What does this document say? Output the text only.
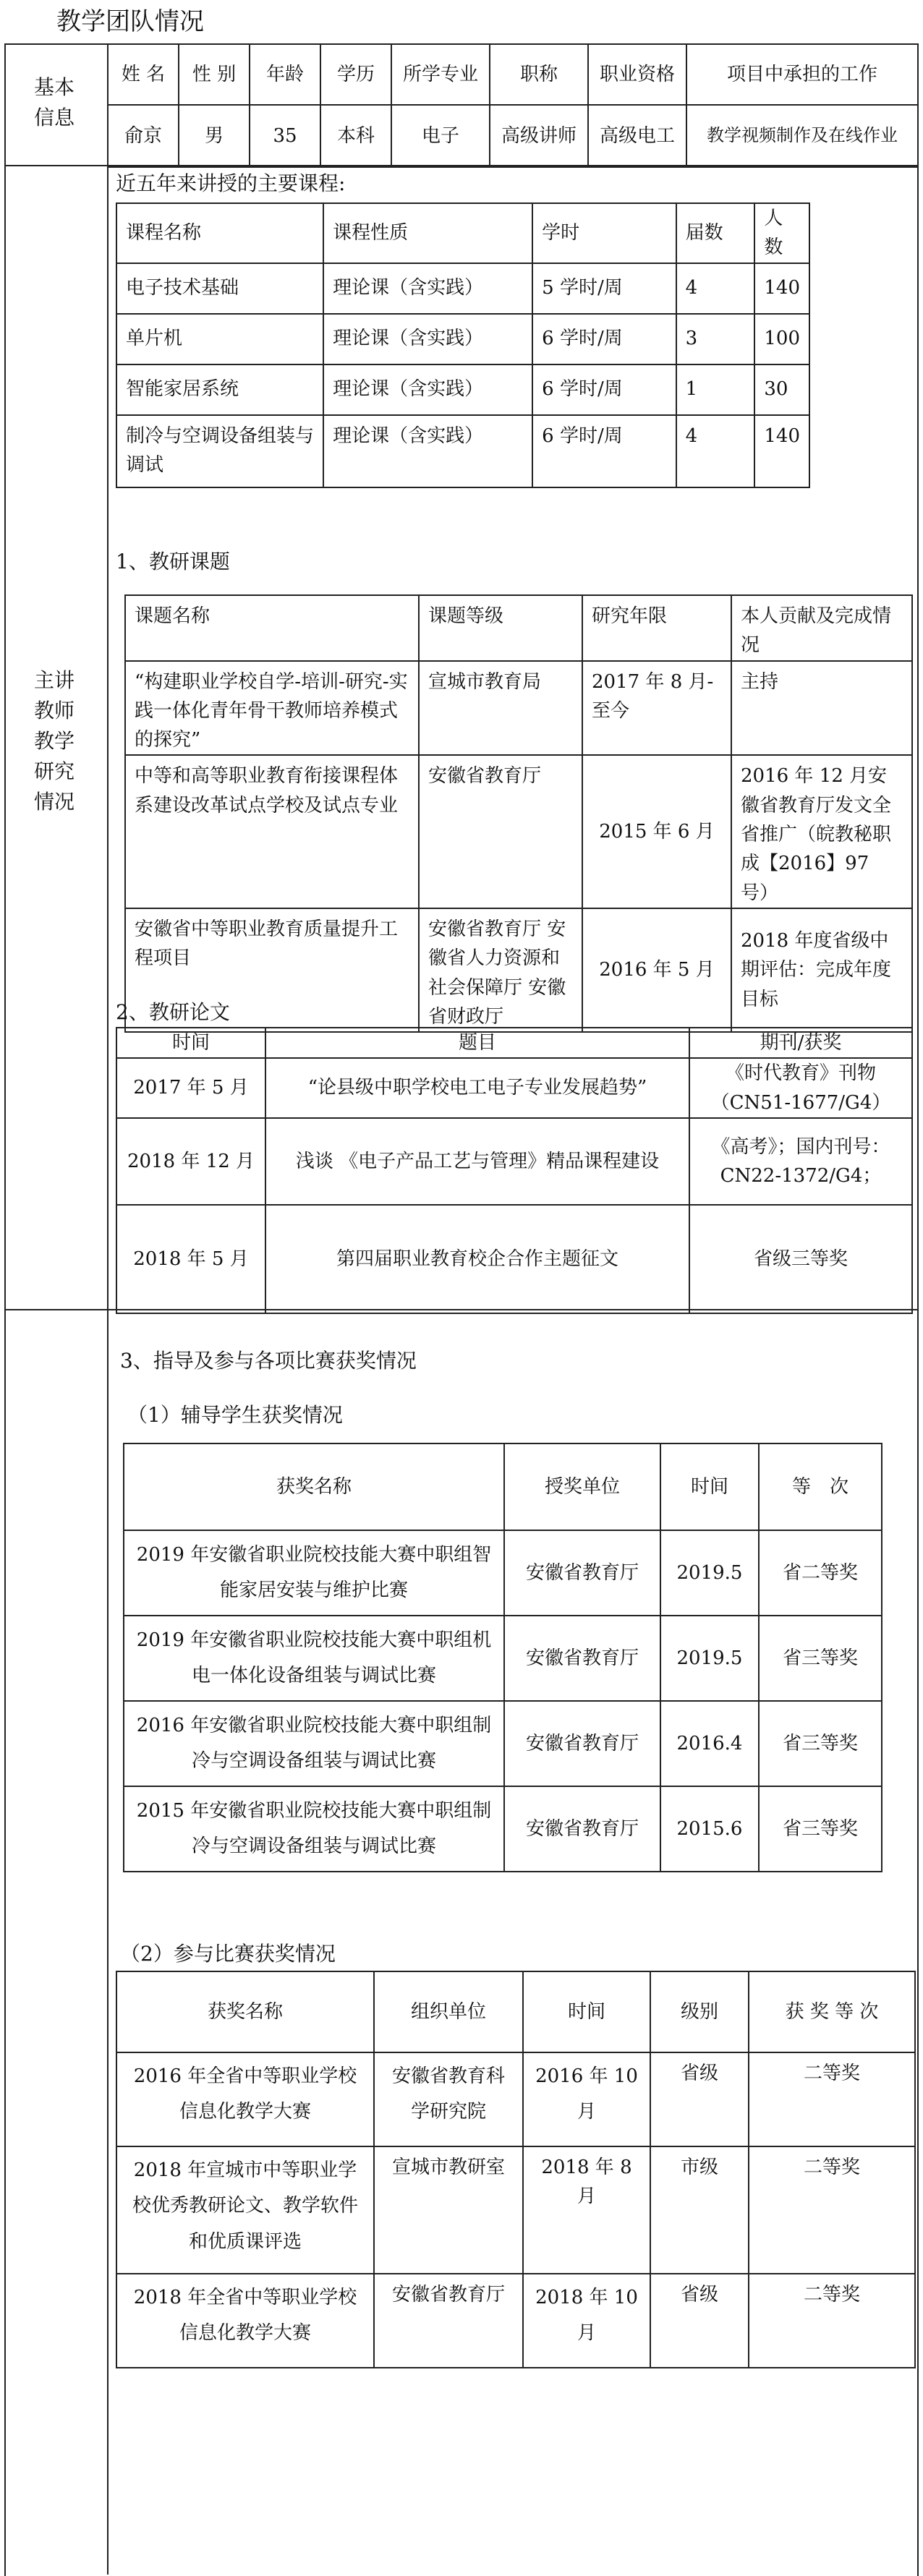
教学团队情况
基本信息
主讲教师教学研究情况
姓 名	性 别	年龄	学历	所学专业	职称	职业资格	项目中承担的工作
俞京	男	35	本科	电子	高级讲师	高级电工	教学视频制作及在线作业
近五年来讲授的主要课程:
课程名称	课程性质	学时	届数	人数
电子技术基础	理论课（含实践）	5 学时/周	4	140
单片机	理论课（含实践）	6 学时/周	3	100
智能家居系统	理论课（含实践）	6 学时/周	1	30
制冷与空调设备组装与调试	理论课（含实践）	6 学时/周	4	140
1、教研课题
课题名称	课题等级	研究年限	本人贡献及完成情况
“构建职业学校自学-培训-研究-实践一体化青年骨干教师培养模式的探究”	宣城市教育局	2017 年 8 月-至今	主持
中等和高等职业教育衔接课程体系建设改革试点学校及试点专业	安徽省教育厅	2015 年 6 月	2016 年 12 月安徽省教育厅发文全省推广（皖教秘职成【2016】97 号）
安徽省中等职业教育质量提升工程项目	安徽省教育厅 安徽省人力资源和社会保障厅 安徽省财政厅	2016 年 5 月	2018 年度省级中期评估：完成年度目标
2、教研论文
时间	题目	期刊/获奖
2017 年 5 月	“论县级中职学校电工电子专业发展趋势”	《时代教育》刊物（CN51-1677/G4）
2018 年 12 月	浅谈 《电子产品工艺与管理》精品课程建设	《高考》；国内刊号：CN22-1372/G4；
2018 年 5 月	第四届职业教育校企合作主题征文	省级三等奖
3、指导及参与各项比赛获奖情况
（1）辅导学生获奖情况
获奖名称	授奖单位	时间	等　次
2019 年安徽省职业院校技能大赛中职组智能家居安装与维护比赛	安徽省教育厅	2019.5	省二等奖
2019 年安徽省职业院校技能大赛中职组机电一体化设备组装与调试比赛	安徽省教育厅	2019.5	省三等奖
2016 年安徽省职业院校技能大赛中职组制冷与空调设备组装与调试比赛	安徽省教育厅	2016.4	省三等奖
2015 年安徽省职业院校技能大赛中职组制冷与空调设备组装与调试比赛	安徽省教育厅	2015.6	省三等奖
（2）参与比赛获奖情况
获奖名称	组织单位	时间	级别	获 奖 等 次
2016 年全省中等职业学校信息化教学大赛	安徽省教育科学研究院	2016 年 10 月	省级	二等奖
2018 年宣城市中等职业学校优秀教研论文、教学软件和优质课评选	宣城市教研室	2018 年 8 月	市级	二等奖
2018 年全省中等职业学校信息化教学大赛	安徽省教育厅	2018 年 10 月	省级	二等奖
